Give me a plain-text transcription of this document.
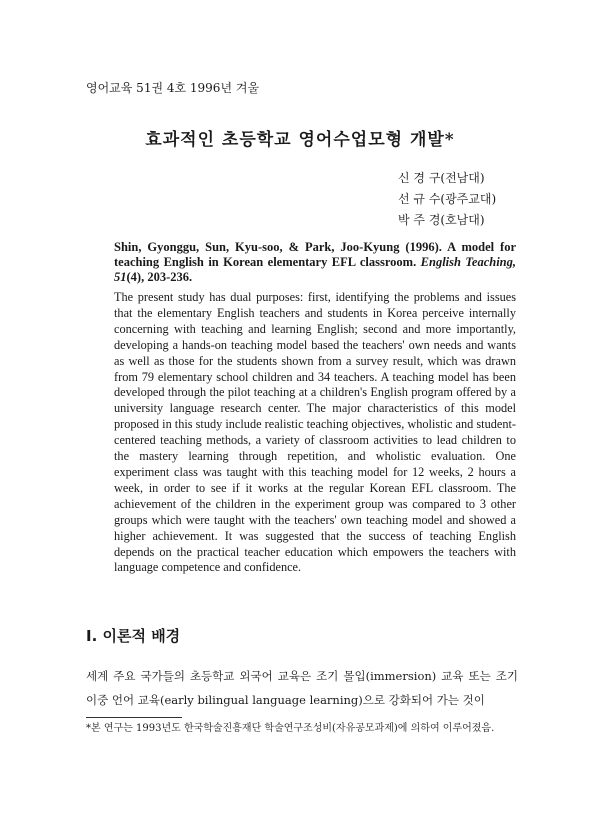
영어교육 51권 4호 1996년 겨울
효과적인 초등학교 영어수업모형 개발*
신 경 구(전남대)
선 규 수(광주교대)
박 주 경(호남대)
Shin, Gyonggu, Sun, Kyu-soo, & Park, Joo-Kyung (1996). A model for teaching English in Korean elementary EFL classroom. English Teaching, 51(4), 203-236.
The present study has dual purposes: first, identifying the problems and issues that the elementary English teachers and students in Korea perceive internally concerning with teaching and learning English; second and more importantly, developing a hands-on teaching model based the teachers' own needs and wants as well as those for the students shown from a survey result, which was drawn from 79 elementary school children and 34 teachers. A teaching model has been developed through the pilot teaching at a children's English program offered by a university language research center. The major characteristics of this model proposed in this study include realistic teaching objectives, wholistic and student-centered teaching methods, a variety of classroom activities to lead children to the mastery learning through repetition, and wholistic evaluation. One experiment class was taught with this teaching model for 12 weeks, 2 hours a week, in order to see if it works at the regular Korean EFL classroom. The achievement of the children in the experiment group was compared to 3 other groups which were taught with the teachers' own teaching model and showed a higher achievement. It was suggested that the success of teaching English depends on the practical teacher education which empowers the teachers with language competence and confidence.
I. 이론적 배경
세계 주요 국가들의 초등학교 외국어 교육은 조기 몰입(immersion) 교육 또는 조기 이중 언어 교육(early bilingual language learning)으로 강화되어 가는 것이
*본 연구는 1993년도 한국학술진흥재단 학술연구조성비(자유공모과제)에 의하여 이루어졌음.
